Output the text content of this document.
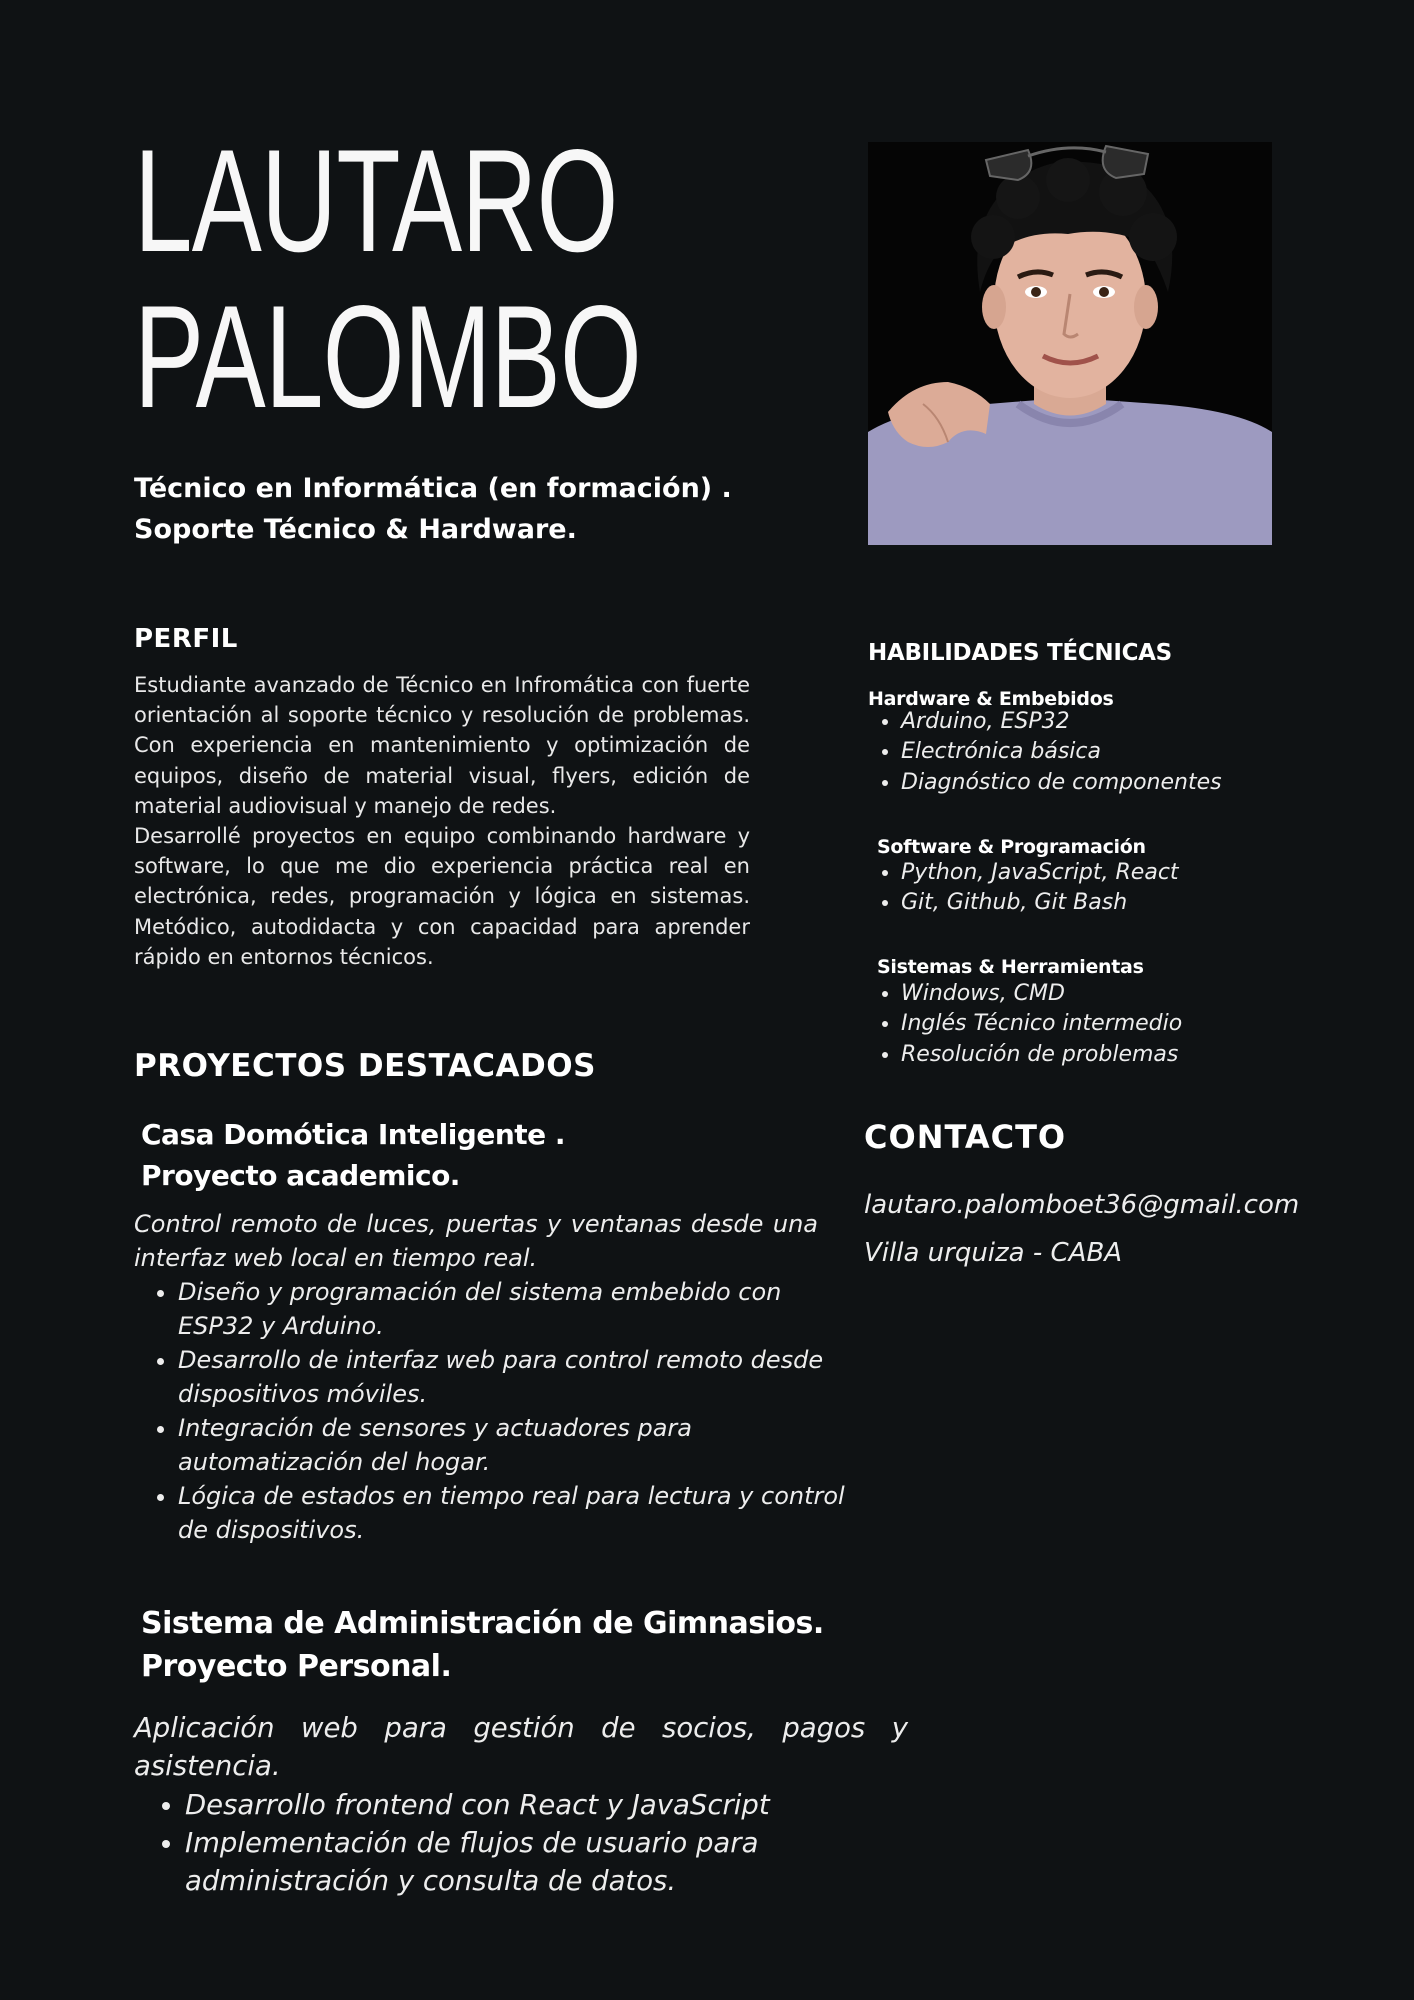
LAUTARO
PALOMBO
Técnico en Informática (en formación) .
Soporte Técnico & Hardware.
PERFIL

Estudiante avanzado de Técnico en Infromática con fuerte orientación al soporte técnico y resolución de problemas. Con experiencia en mantenimiento y optimización de equipos, diseño de material visual, flyers, edición de material audiovisual y manejo de redes.

Desarrollé proyectos en equipo combinando hardware y software, lo que me dio experiencia práctica real en electrónica, redes, programación y lógica en sistemas. Metódico, autodidacta y con capacidad para aprender rápido en entornos técnicos.

PROYECTOS DESTACADOS
Casa Domótica Inteligente .
Proyecto academico.
Control remoto de luces, puertas y ventanas desde una interfaz web local en tiempo real.
• Diseño y programación del sistema embebido con ESP32 y Arduino.
• Desarrollo de interfaz web para control remoto desde dispositivos móviles.
• Integración de sensores y actuadores para automatización del hogar.
• Lógica de estados en tiempo real para lectura y control de dispositivos.
Sistema de Administración de Gimnasios.
Proyecto Personal.
Aplicación web para gestión de socios, pagos y asistencia.
• Desarrollo frontend con React y JavaScript
• Implementación de flujos de usuario para administración y consulta de datos.
HABILIDADES TÉCNICAS
Hardware & Embebidos
• Arduino, ESP32
• Electrónica básica
• Diagnóstico de componentes
Software & Programación
• Python, JavaScript, React
• Git, Github, Git Bash
Sistemas & Herramientas
• Windows, CMD
• Inglés Técnico intermedio
• Resolución de problemas
CONTACTO
lautaro.palomboet36@gmail.com
Villa urquiza - CABA
